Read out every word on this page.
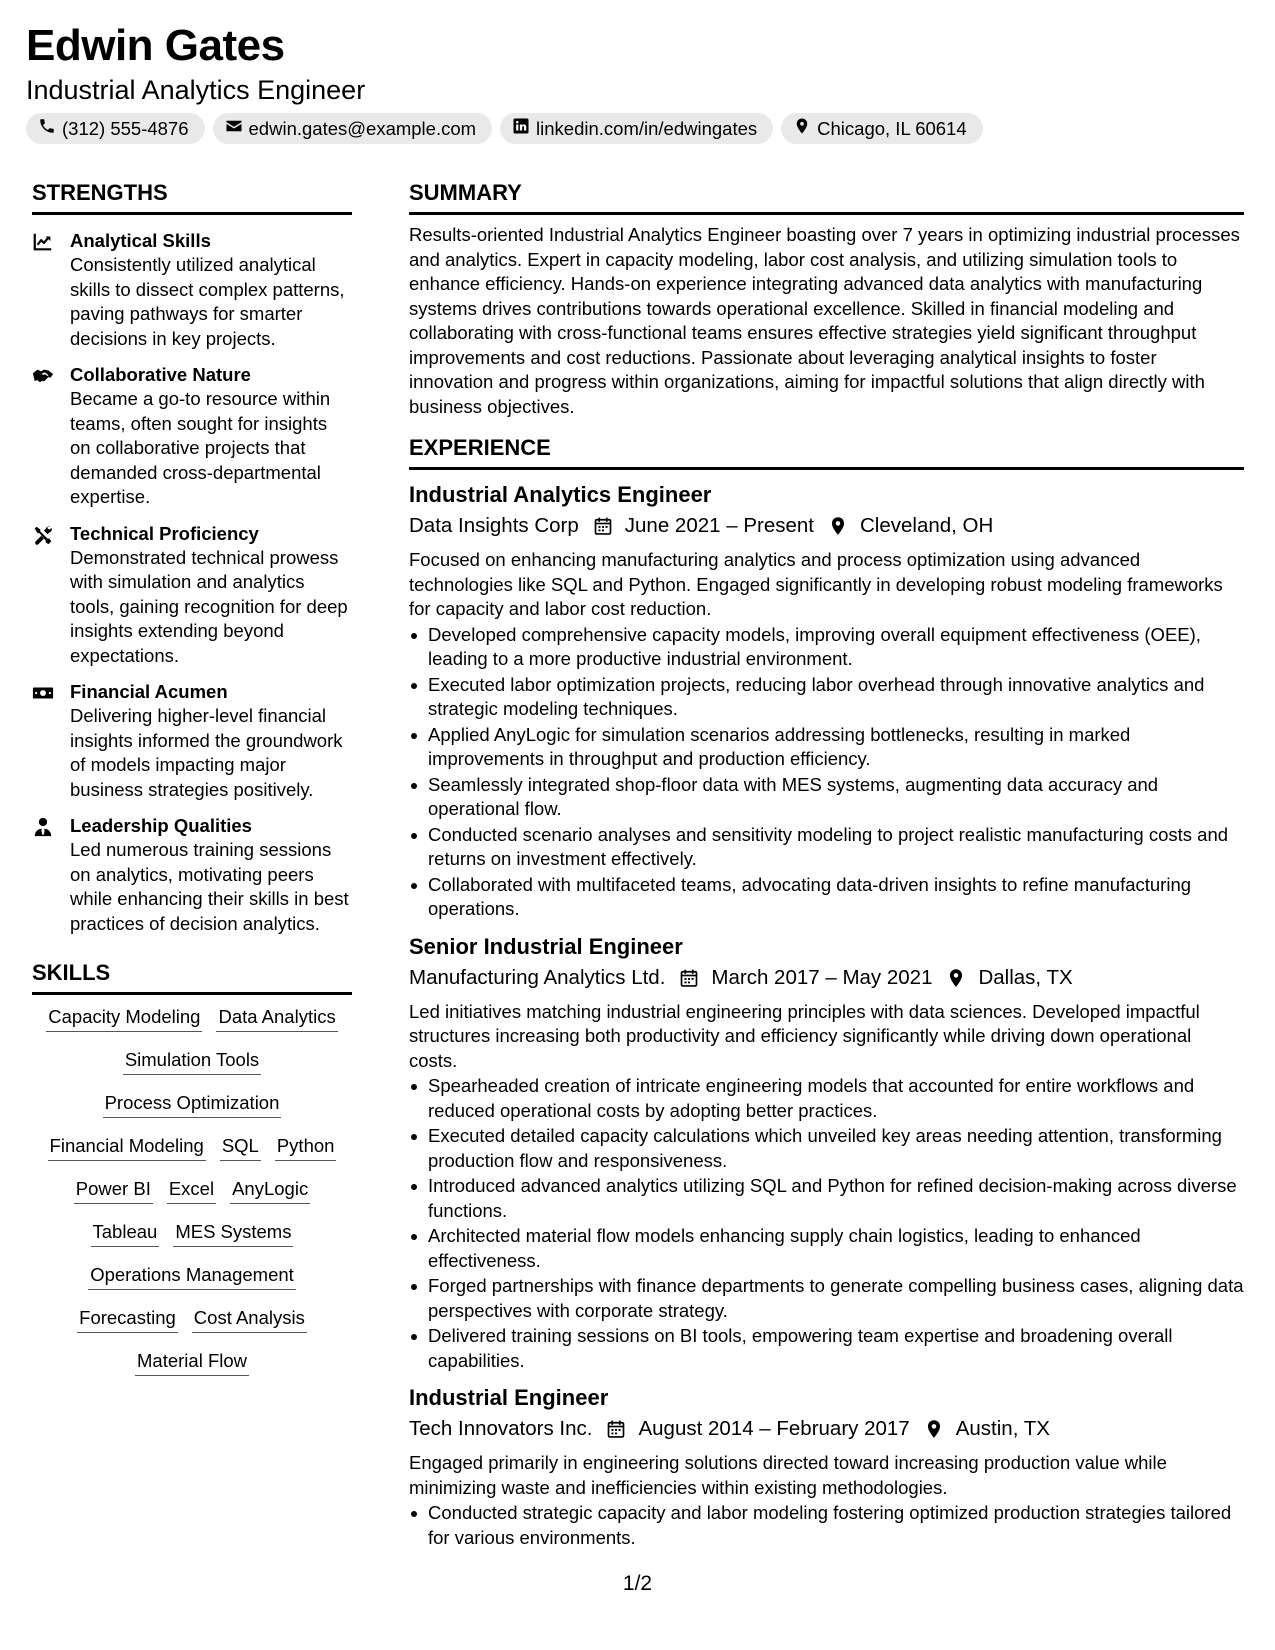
Edwin Gates
Industrial Analytics Engineer
(312) 555-4876	edwin.gates@example.com	linkedin.com/in/edwingates	Chicago, IL 60614
STRENGTHS
Analytical Skills
Consistently utilized analytical skills to dissect complex patterns, paving pathways for smarter decisions in key projects.
Collaborative Nature
Became a go-to resource within teams, often sought for insights on collaborative projects that demanded cross-departmental expertise.
Technical Proficiency
Demonstrated technical prowess with simulation and analytics tools, gaining recognition for deep insights extending beyond expectations.
Financial Acumen
Delivering higher-level financial insights informed the groundwork of models impacting major business strategies positively.
Leadership Qualities
Led numerous training sessions on analytics, motivating peers while enhancing their skills in best practices of decision analytics.
SKILLS
Capacity Modeling Data Analytics
Simulation Tools
Process Optimization
Financial Modeling SQL Python
Power BI Excel AnyLogic
Tableau MES Systems
Operations Management
Forecasting Cost Analysis
Material Flow
SUMMARY
Results-oriented Industrial Analytics Engineer boasting over 7 years in optimizing industrial processes and analytics. Expert in capacity modeling, labor cost analysis, and utilizing simulation tools to enhance efficiency. Hands-on experience integrating advanced data analytics with manufacturing systems drives contributions towards operational excellence. Skilled in financial modeling and collaborating with cross-functional teams ensures effective strategies yield significant throughput improvements and cost reductions. Passionate about leveraging analytical insights to foster innovation and progress within organizations, aiming for impactful solutions that align directly with business objectives.
EXPERIENCE
Industrial Analytics Engineer
Data Insights Corp June 2021 – Present Cleveland, OH
Focused on enhancing manufacturing analytics and process optimization using advanced technologies like SQL and Python. Engaged significantly in developing robust modeling frameworks for capacity and labor cost reduction.
Developed comprehensive capacity models, improving overall equipment effectiveness (OEE), leading to a more productive industrial environment.
Executed labor optimization projects, reducing labor overhead through innovative analytics and strategic modeling techniques.
Applied AnyLogic for simulation scenarios addressing bottlenecks, resulting in marked improvements in throughput and production efficiency.
Seamlessly integrated shop-floor data with MES systems, augmenting data accuracy and operational flow.
Conducted scenario analyses and sensitivity modeling to project realistic manufacturing costs and returns on investment effectively.
Collaborated with multifaceted teams, advocating data-driven insights to refine manufacturing operations.
Senior Industrial Engineer
Manufacturing Analytics Ltd. March 2017 – May 2021 Dallas, TX
Led initiatives matching industrial engineering principles with data sciences. Developed impactful structures increasing both productivity and efficiency significantly while driving down operational costs.
Spearheaded creation of intricate engineering models that accounted for entire workflows and reduced operational costs by adopting better practices.
Executed detailed capacity calculations which unveiled key areas needing attention, transforming production flow and responsiveness.
Introduced advanced analytics utilizing SQL and Python for refined decision-making across diverse functions.
Architected material flow models enhancing supply chain logistics, leading to enhanced effectiveness.
Forged partnerships with finance departments to generate compelling business cases, aligning data perspectives with corporate strategy.
Delivered training sessions on BI tools, empowering team expertise and broadening overall capabilities.
Industrial Engineer
Tech Innovators Inc. August 2014 – February 2017 Austin, TX
Engaged primarily in engineering solutions directed toward increasing production value while minimizing waste and inefficiencies within existing methodologies.
Conducted strategic capacity and labor modeling fostering optimized production strategies tailored for various environments.
1/2
